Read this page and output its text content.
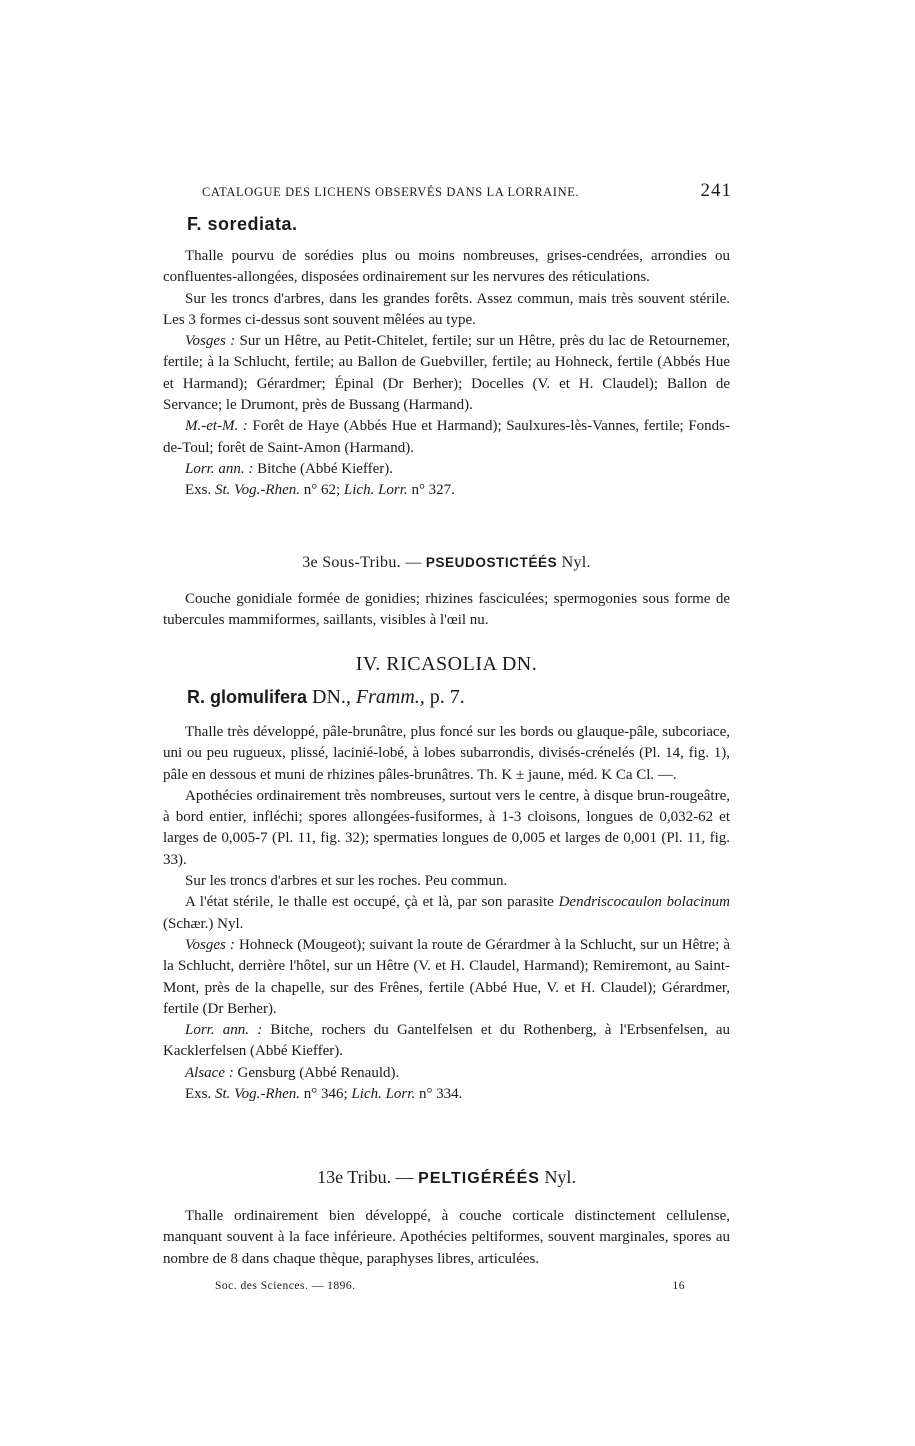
CATALOGUE DES LICHENS OBSERVÉS DANS LA LORRAINE.	241
F. sorediata.

Thalle pourvu de sorédies plus ou moins nombreuses, grises-cendrées, arrondies ou confluentes-allongées, disposées ordinairement sur les nervures des réticulations.

Sur les troncs d'arbres, dans les grandes forêts. Assez commun, mais très souvent stérile. Les 3 formes ci-dessus sont souvent mêlées au type.

Vosges : Sur un Hêtre, au Petit-Chitelet, fertile; sur un Hêtre, près du lac de Retournemer, fertile; à la Schlucht, fertile; au Ballon de Guebviller, fertile; au Hohneck, fertile (Abbés Hue et Harmand); Gérardmer; Épinal (Dr Berher); Docelles (V. et H. Claudel); Ballon de Servance; le Drumont, près de Bussang (Harmand).

M.-et-M. : Forêt de Haye (Abbés Hue et Harmand); Saulxures-lès-Vannes, fertile; Fonds-de-Toul; forêt de Saint-Amon (Harmand).

Lorr. ann. : Bitche (Abbé Kieffer).

Exs. St. Vog.-Rhen. n° 62; Lich. Lorr. n° 327.

3e Sous-Tribu. — PSEUDOSTICTÉÉS Nyl.

Couche gonidiale formée de gonidies; rhizines fasciculées; spermogonies sous forme de tubercules mammiformes, saillants, visibles à l'œil nu.

IV. RICASOLIA DN.
R. glomulifera DN., Framm., p. 7.

Thalle très développé, pâle-brunâtre, plus foncé sur les bords ou glauque-pâle, subcoriace, uni ou peu rugueux, plissé, lacinié-lobé, à lobes subarrondis, divisés-crénelés (Pl. 14, fig. 1), pâle en dessous et muni de rhizines pâles-brunâtres. Th. K ± jaune, méd. K Ca Cl. —.

Apothécies ordinairement très nombreuses, surtout vers le centre, à disque brun-rougeâtre, à bord entier, infléchi; spores allongées-fusiformes, à 1-3 cloisons, longues de 0,032-62 et larges de 0,005-7 (Pl. 11, fig. 32); spermaties longues de 0,005 et larges de 0,001 (Pl. 11, fig. 33).

Sur les troncs d'arbres et sur les roches. Peu commun.

A l'état stérile, le thalle est occupé, çà et là, par son parasite Dendriscocaulon bolacinum (Schær.) Nyl.

Vosges : Hohneck (Mougeot); suivant la route de Gérardmer à la Schlucht, sur un Hêtre; à la Schlucht, derrière l'hôtel, sur un Hêtre (V. et H. Claudel, Harmand); Remiremont, au Saint-Mont, près de la chapelle, sur des Frênes, fertile (Abbé Hue, V. et H. Claudel); Gérardmer, fertile (Dr Berher).

Lorr. ann. : Bitche, rochers du Gantelfelsen et du Rothenberg, à l'Erbsenfelsen, au Kacklerfelsen (Abbé Kieffer).

Alsace : Gensburg (Abbé Renauld).

Exs. St. Vog.-Rhen. n° 346; Lich. Lorr. n° 334.

13e Tribu. — PELTIGÉRÉÉS Nyl.

Thalle ordinairement bien développé, à couche corticale distinctement cellulense, manquant souvent à la face inférieure. Apothécies peltiformes, souvent marginales, spores au nombre de 8 dans chaque thèque, paraphyses libres, articulées.

Soc. des Sciences. — 1896.	16
